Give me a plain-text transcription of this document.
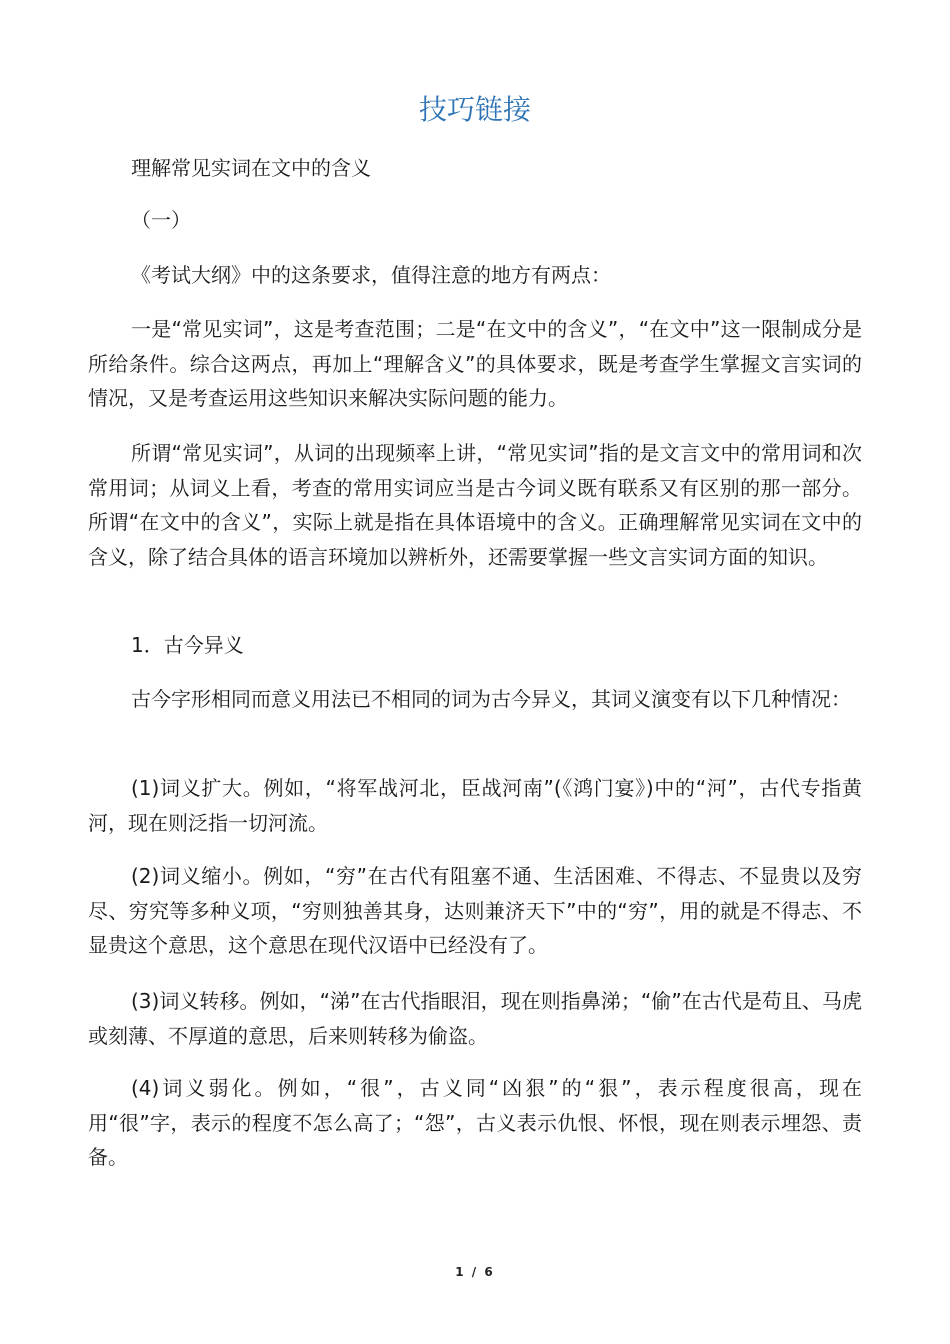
技巧链接

理解常见实词在文中的含义

（一）

《考试大纲》中的这条要求，值得注意的地方有两点：

一是“常见实词”，这是考查范围；二是“在文中的含义”，“在文中”这一限制成分是所给条件。综合这两点，再加上“理解含义”的具体要求，既是考查学生掌握文言实词的情况，又是考查运用这些知识来解决实际问题的能力。

所谓“常见实词”，从词的出现频率上讲，“常见实词”指的是文言文中的常用词和次常用词；从词义上看，考查的常用实词应当是古今词义既有联系又有区别的那一部分。所谓“在文中的含义”，实际上就是指在具体语境中的含义。正确理解常见实词在文中的含义，除了结合具体的语言环境加以辨析外，还需要掌握一些文言实词方面的知识。

1．古今异义

古今字形相同而意义用法已不相同的词为古今异义，其词义演变有以下几种情况：

(1)词义扩大。例如，“将军战河北，臣战河南”(《鸿门宴》)中的“河”，古代专指黄河，现在则泛指一切河流。

(2)词义缩小。例如，“穷”在古代有阻塞不通、生活困难、不得志、不显贵以及穷尽、穷究等多种义项，“穷则独善其身，达则兼济天下”中的“穷”，用的就是不得志、不显贵这个意思，这个意思在现代汉语中已经没有了。

(3)词义转移。例如，“涕”在古代指眼泪，现在则指鼻涕；“偷”在古代是苟且、马虎或刻薄、不厚道的意思，后来则转移为偷盗。

(4)词义弱化。例如，“很”，古义同“凶狠”的“狠”，表示程度很高，现在用“很”字，表示的程度不怎么高了；“怨”，古义表示仇恨、怀恨，现在则表示埋怨、责备。

1 / 6
